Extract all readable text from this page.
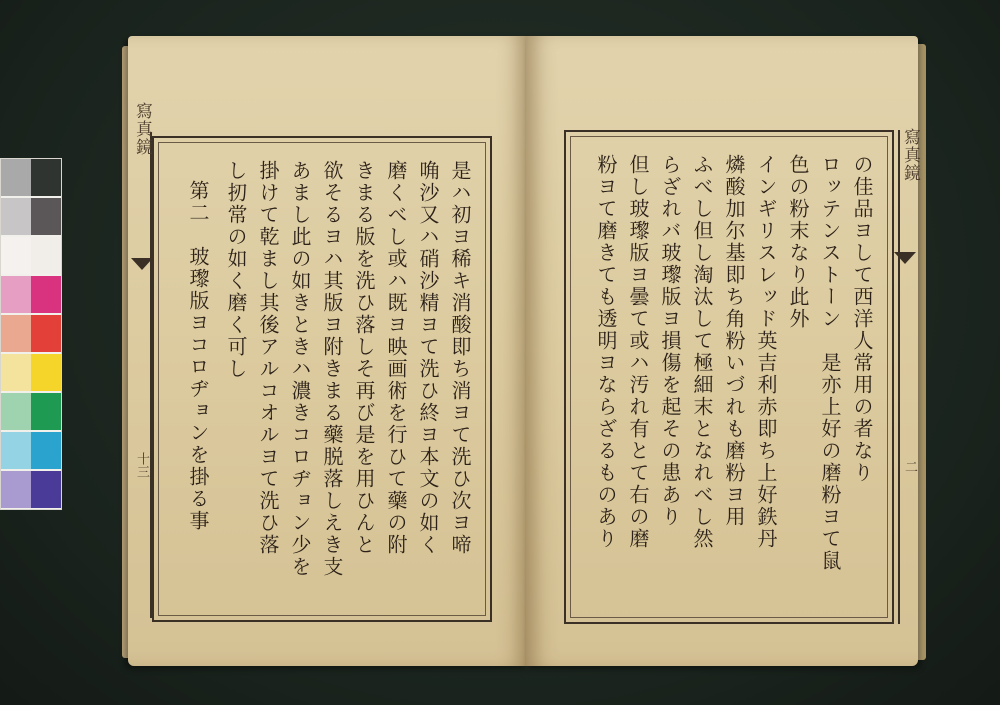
寫真鏡
十三	是ハ初ヨ稀キ消酸即ち消ヨて洗ひ次ヨ啼
唃沙又ハ硝沙精ヨて洗ひ終ヨ本文の如く
磨くべし或ハ既ヨ映画術を行ひて藥の附
きまる版を洗ひ落しそ再び是を用ひんと
欲そるヨハ其版ヨ附きまる藥脱落しえき支
あまし此の如きときハ濃きコロヂョン少を
掛けて乾まし其後アルコオルヨて洗ひ落
し扨常の如く磨く可し
第二　玻瓈版ヨコロヂョンを掛る事
寫真鏡
二
の佳品ヨして西洋人常用の者なり
ロッテンストーン　是亦上好の磨粉ヨて鼠
色の粉末なり此外
インギリスレッド英吉利赤即ち上好鉄丹
燐酸加尔基即ち角粉いづれも磨粉ヨ用
ふべし但し淘汰して極細末となれべし然
らざれバ玻瓈版ヨ損傷を起その患あり
但し玻瓈版ヨ曇て或ハ汚れ有とて右の磨
粉ヨて磨きても透明ヨならざるものあり
